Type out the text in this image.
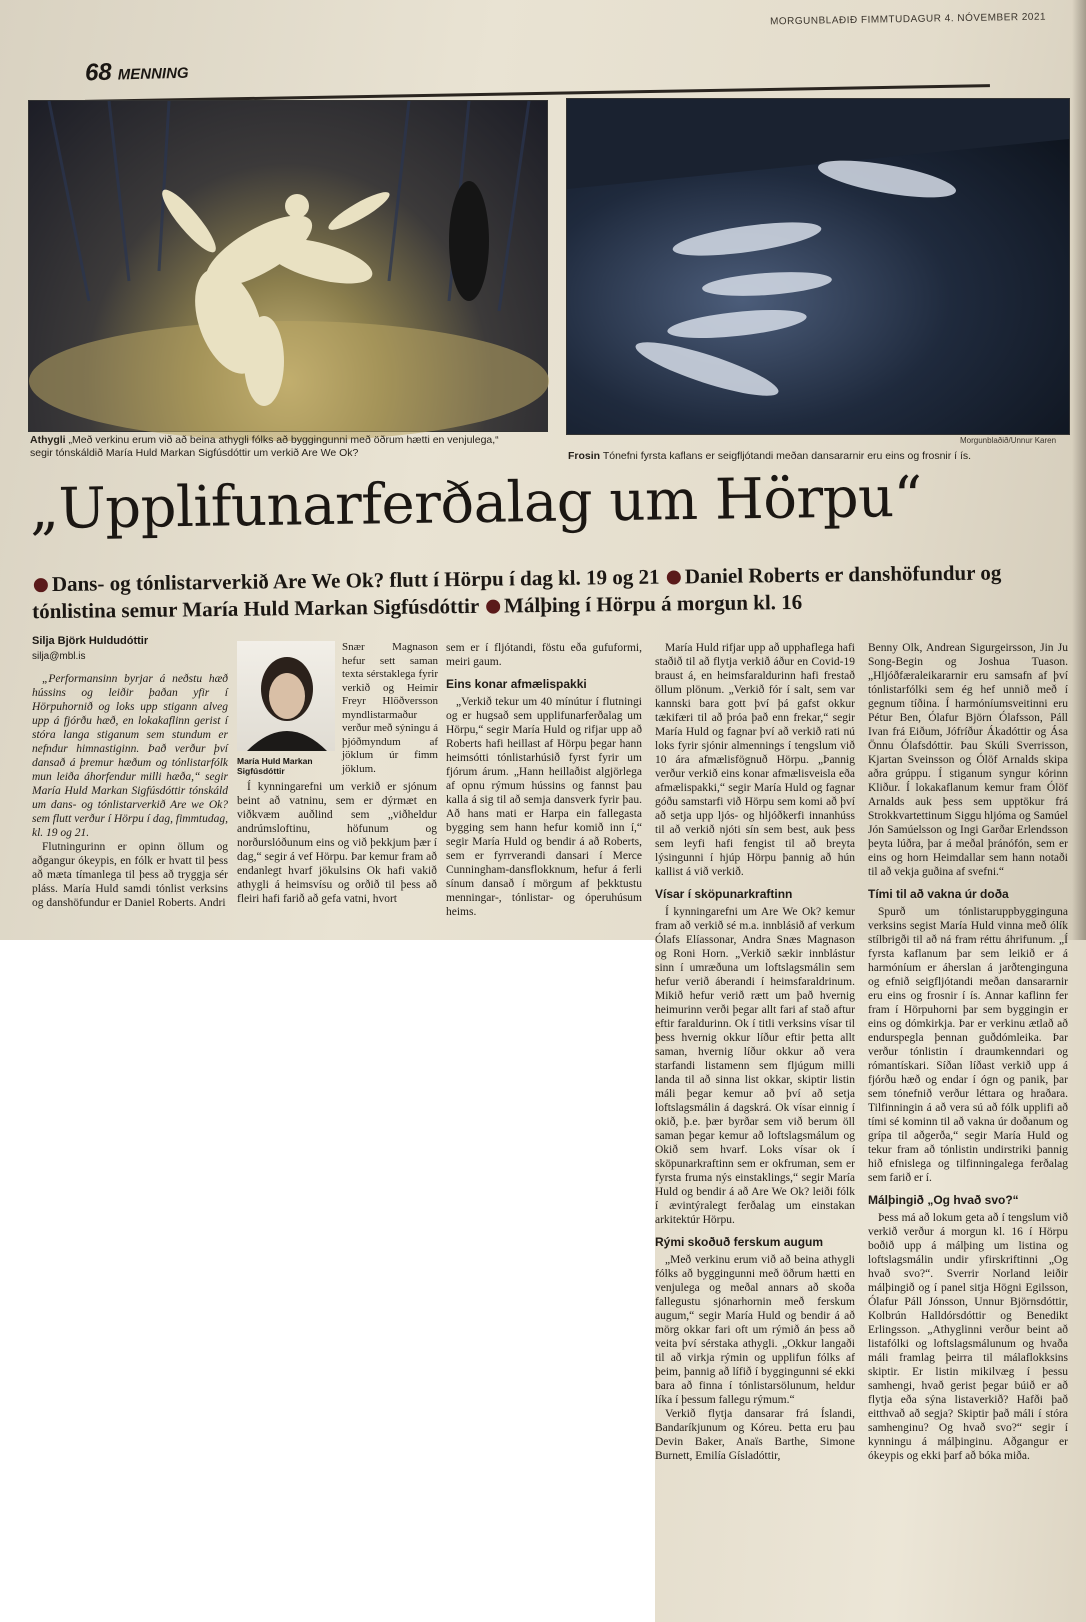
MORGUNBLAÐIÐ FIMMTUDAGUR 4. NÓVEMBER 2021
68 MENNING
Athygli „Með verkinu erum við að beina athygli fólks að byggingunni með öðrum hætti en venjulega,“ segir tónskáldið María Huld Markan Sigfúsdóttir um verkið Are We Ok?
Morgunblaðið/Unnur Karen
Frosin Tónefni fyrsta kaflans er seigfljótandi meðan dansararnir eru eins og frosnir í ís.
„Upplifunarferðalag um Hörpu“
Dans- og tónlistarverkið Are We Ok? flutt í Hörpu í dag kl. 19 og 21 Daniel Roberts er danshöfundur og tónlistina semur María Huld Markan Sigfúsdóttir Málþing í Hörpu á morgun kl. 16
Silja Björk Huldudóttir
silja@mbl.is

„Performansinn byrjar á neðstu hæð hússins og leiðir þaðan yfir í Hörpuhornið og loks upp stigann alveg upp á fjórðu hæð, en lokakaflinn gerist í stóra langa stiganum sem stundum er nefndur himnastiginn. Það verður því dansað á þremur hæðum og tónlistarfólk mun leiða áhorfendur milli hæða,“ segir María Huld Markan Sigfúsdóttir tónskáld um dans- og tónlistarverkið Are we Ok? sem flutt verður í Hörpu í dag, fimmtudag, kl. 19 og 21.

Flutningurinn er opinn öllum og aðgangur ókeypis, en fólk er hvatt til þess að mæta tímanlega til þess að tryggja sér pláss. María Huld samdi tónlist verksins og danshöfundur er Daniel Roberts. Andri

María Huld Markan Sigfúsdóttir

Snær Magnason hefur sett saman texta sérstaklega fyrir verkið og Heimir Freyr Hlöðversson myndlistarmaður verður með sýningu á þjóðmyndum af jöklum úr fimm jöklum.

Í kynningarefni um verkið er sjónum beint að vatninu, sem er dýrmæt en viðkvæm auðlind sem „viðheldur andrúmsloftinu, höfunum og norðurslóðunum eins og við þekkjum þær í dag,“ segir á vef Hörpu. Þar kemur fram að endanlegt hvarf jökulsins Ok hafi vakið athygli á heimsvísu og orðið til þess að fleiri hafi farið að gefa vatni, hvort

sem er í fljótandi, föstu eða gufuformi, meiri gaum.

Eins konar afmælispakki

„Verkið tekur um 40 mínútur í flutningi og er hugsað sem upplifunarferðalag um Hörpu,“ segir María Huld og rifjar upp að Roberts hafi heillast af Hörpu þegar hann heimsótti tónlistarhúsið fyrst fyrir um fjórum árum. „Hann heillaðist algjörlega af opnu rýmum hússins og fannst þau kalla á sig til að semja dansverk fyrir þau. Að hans mati er Harpa ein fallegasta bygging sem hann hefur komið inn í,“ segir María Huld og bendir á að Roberts, sem er fyrrverandi dansari í Merce Cunningham-dansflokknum, hefur á ferli sínum dansað í mörgum af þekktustu menningar-, tónlistar- og óperuhúsum heims.

María Huld rifjar upp að upphaflega hafi staðið til að flytja verkið áður en Covid-19 braust á, en heimsfaraldurinn hafi frestað öllum plönum. „Verkið fór í salt, sem var kannski bara gott því þá gafst okkur tækifæri til að þróa það enn frekar,“ segir María Huld og fagnar því að verkið rati nú loks fyrir sjónir almennings í tengslum við 10 ára afmælisfögnuð Hörpu. „Þannig verður verkið eins konar afmælisveisla eða afmælispakki,“ segir María Huld og fagnar góðu samstarfi við Hörpu sem komi að því að setja upp ljós- og hljóðkerfi innanhúss til að verkið njóti sín sem best, auk þess sem leyfi hafi fengist til að breyta lýsingunni í hjúp Hörpu þannig að hún kallist á við verkið.

Vísar í sköpunarkraftinn

Í kynningarefni um Are We Ok? kemur fram að verkið sé m.a. innblásið af verkum Ólafs Elíassonar, Andra Snæs Magnason og Roni Horn. „Verkið sækir innblástur sinn í umræðuna um loftslagsmálin sem hefur verið áberandi í heimsfaraldrinum. Mikið hefur verið rætt um það hvernig heimurinn verði þegar allt fari af stað aftur eftir faraldurinn. Ok í titli verksins vísar til þess hvernig okkur líður eftir þetta allt saman, hvernig líður okkur að vera starfandi listamenn sem fljúgum milli landa til að sinna list okkar, skiptir listin máli þegar kemur að því að setja loftslagsmálin á dagskrá. Ok vísar einnig í okið, þ.e. þær byrðar sem við berum öll saman þegar kemur að loftslagsmálum og Okið sem hvarf. Loks vísar ok í sköpunarkraftinn sem er okfruman, sem er fyrsta fruma nýs einstaklings,“ segir María Huld og bendir á að Are We Ok? leiði fólk í ævintýralegt ferðalag um einstakan arkitektúr Hörpu.

Rými skoðuð ferskum augum

„Með verkinu erum við að beina athygli fólks að byggingunni með öðrum hætti en venjulega og meðal annars að skoða fallegustu sjónarhornin með ferskum augum,“ segir María Huld og bendir á að mörg okkar fari oft um rýmið án þess að veita því sérstaka athygli. „Okkur langaði til að virkja rýmin og upplifun fólks af þeim, þannig að lífið í byggingunni sé ekki bara að finna í tónlistarsölunum, heldur líka í þessum fallegu rýmum.“

Verkið flytja dansarar frá Íslandi, Bandaríkjunum og Kóreu. Þetta eru þau Devin Baker, Anaïs Barthe, Simone Burnett, Emilía Gísladóttir,

Benny Olk, Andrean Sigurgeirsson, Jin Ju Song-Begin og Joshua Tuason. „Hljóðfæraleikararnir eru samsafn af því tónlistarfólki sem ég hef unnið með í gegnum tíðina. Í harmóníumsveitinni eru Pétur Ben, Ólafur Björn Ólafsson, Páll Ivan frá Eiðum, Jófríður Ákadóttir og Ása Önnu Ólafsdóttir. Þau Skúli Sverrisson, Kjartan Sveinsson og Ólöf Arnalds skipa aðra grúppu. Í stiganum syngur kórinn Kliður. Í lokakaflanum kemur fram Ólöf Arnalds auk þess sem upptökur frá Strokkvartettinum Siggu hljóma og Samúel Jón Samúelsson og Ingi Garðar Erlendsson þeyta lúðra, þar á meðal þránófón, sem er eins og horn Heimdallar sem hann notaði til að vekja guðina af svefni.“

Tími til að vakna úr doða

Spurð um tónlistaruppbygginguna verksins segist María Huld vinna með ólík stílbrigði til að ná fram réttu áhrifunum. „Í fyrsta kaflanum þar sem leikið er á harmóníum er áherslan á jarðtenginguna og efnið seigfljótandi meðan dansararnir eru eins og frosnir í ís. Annar kaflinn fer fram í Hörpuhorni þar sem byggingin er eins og dómkirkja. Þar er verkinu ætlað að endurspegla þennan guðdómleika. Þar verður tónlistin í draumkenndari og rómantískari. Síðan líðast verkið upp á fjórðu hæð og endar í ógn og panik, þar sem tónefnið verður léttara og hraðara. Tilfinningin á að vera sú að fólk upplifi að tími sé kominn til að vakna úr doðanum og grípa til aðgerða,“ segir María Huld og tekur fram að tónlistin undirstriki þannig hið efnislega og tilfinningalega ferðalag sem farið er í.

Málþingið „Og hvað svo?“

Þess má að lokum geta að í tengslum við verkið verður á morgun kl. 16 í Hörpu boðið upp á málþing um listina og loftslagsmálin undir yfirskriftinni „Og hvað svo?“. Sverrir Norland leiðir málþingið og í panel sitja Högni Egilsson, Ólafur Páll Jónsson, Unnur Björnsdóttir, Kolbrún Halldórsdóttir og Benedikt Erlingsson. „Athyglinni verður beint að listafólki og loftslagsmálunum og hvaða máli framlag þeirra til málaflokksins skiptir. Er listin mikilvæg í þessu samhengi, hvað gerist þegar búið er að flytja eða sýna listaverkið? Hafði það eitthvað að segja? Skiptir það máli í stóra samhenginu? Og hvað svo?“ segir í kynningu á málþinginu. Aðgangur er ókeypis og ekki þarf að bóka miða.
